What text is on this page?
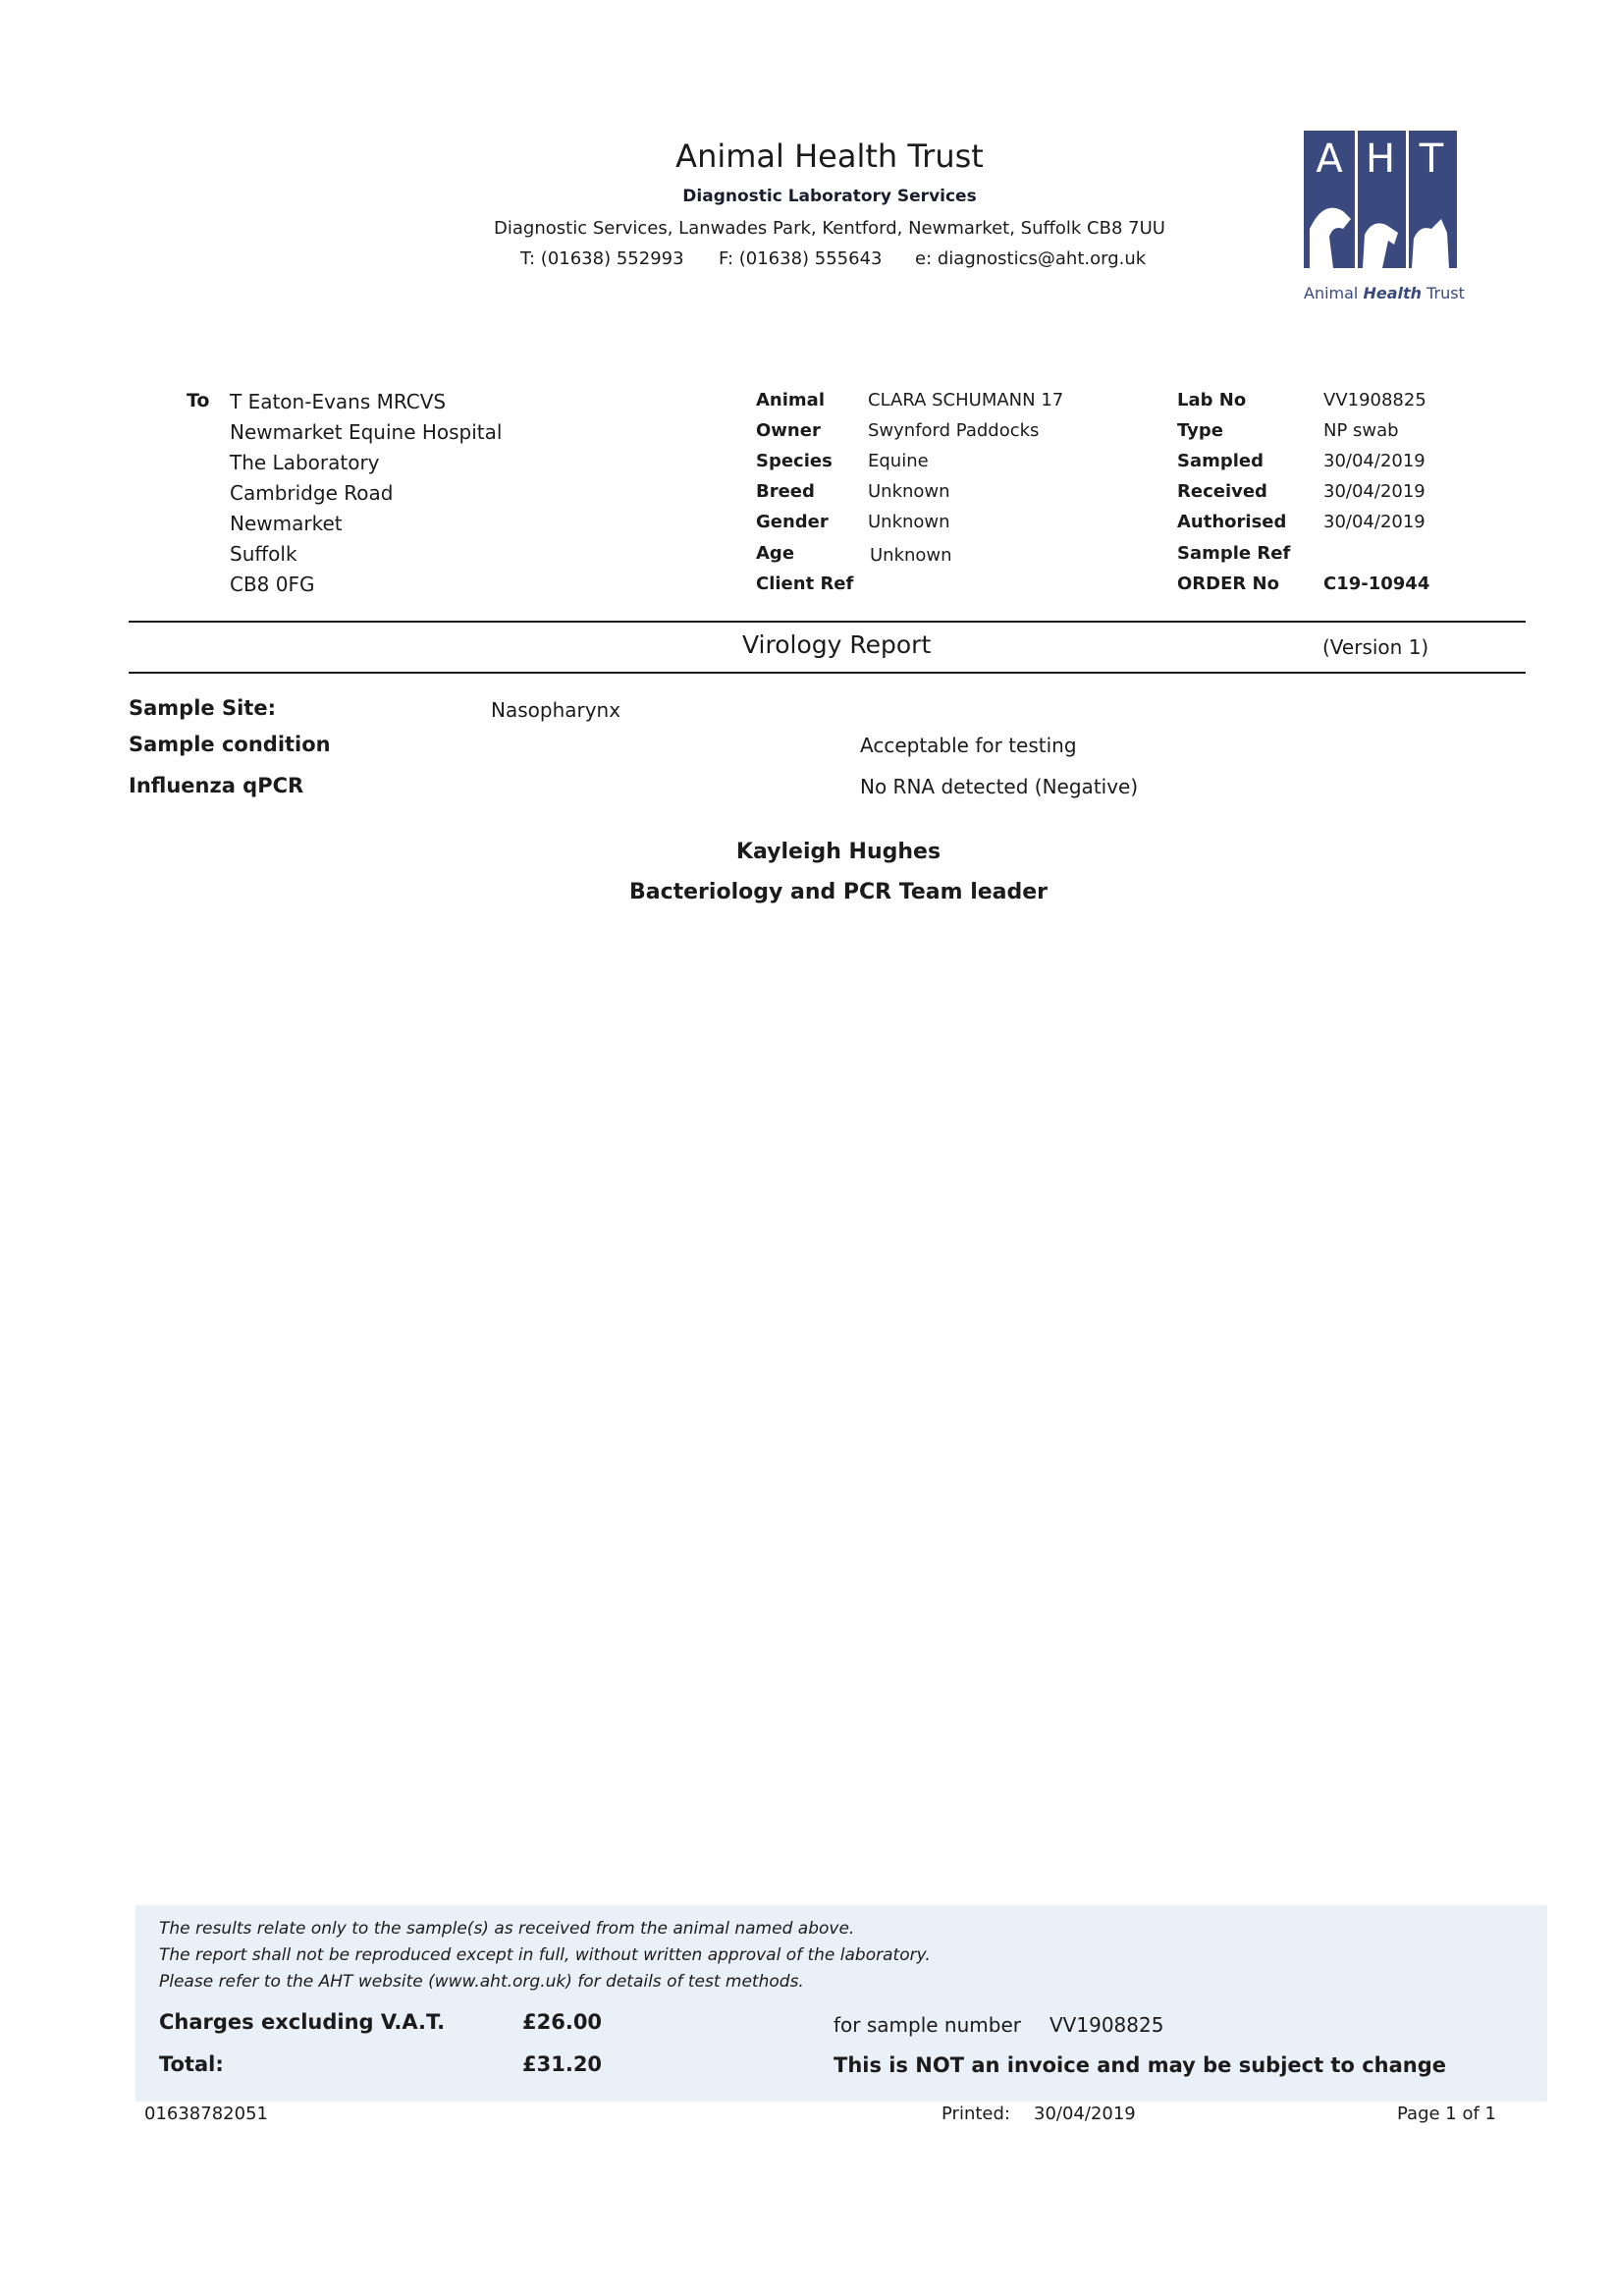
Animal Health Trust
Diagnostic Laboratory Services
Diagnostic Services, Lanwades Park, Kentford, Newmarket, Suffolk CB8 7UU
T: (01638) 552993 F: (01638) 555643 e: diagnostics@aht.org.uk
A H T
Animal Health Trust
To T Eaton-Evans MRCVS
Newmarket Equine Hospital
The Laboratory
Cambridge Road
Newmarket
Suffolk
CB8 0FG
Animal CLARA SCHUMANN 17
Owner	Swynford Paddocks
Species Equine
Breed	Unknown
Gender Unknown
Age	Unknown
Client Ref
Lab No	VV1908825
Type	NP swab
Sampled	30/04/2019
Received	30/04/2019
Authorised 30/04/2019
Sample Ref
ORDER No	C19-10944
Virology Report	(Version 1)
Sample Site:	Nasopharynx
Sample condition	Acceptable for testing
Influenza qPCR	No RNA detected (Negative)
Kayleigh Hughes
Bacteriology and PCR Team leader
The results relate only to the sample(s) as received from the animal named above.
The report shall not be reproduced except in full, without written approval of the laboratory.
Please refer to the AHT website (www.aht.org.uk) for details of test methods.
Charges excluding V.A.T.	£26.00	for sample number VV1908825
Total:	£31.20	This is NOT an invoice and may be subject to change
01638782051	Printed: 30/04/2019	Page 1 of 1
